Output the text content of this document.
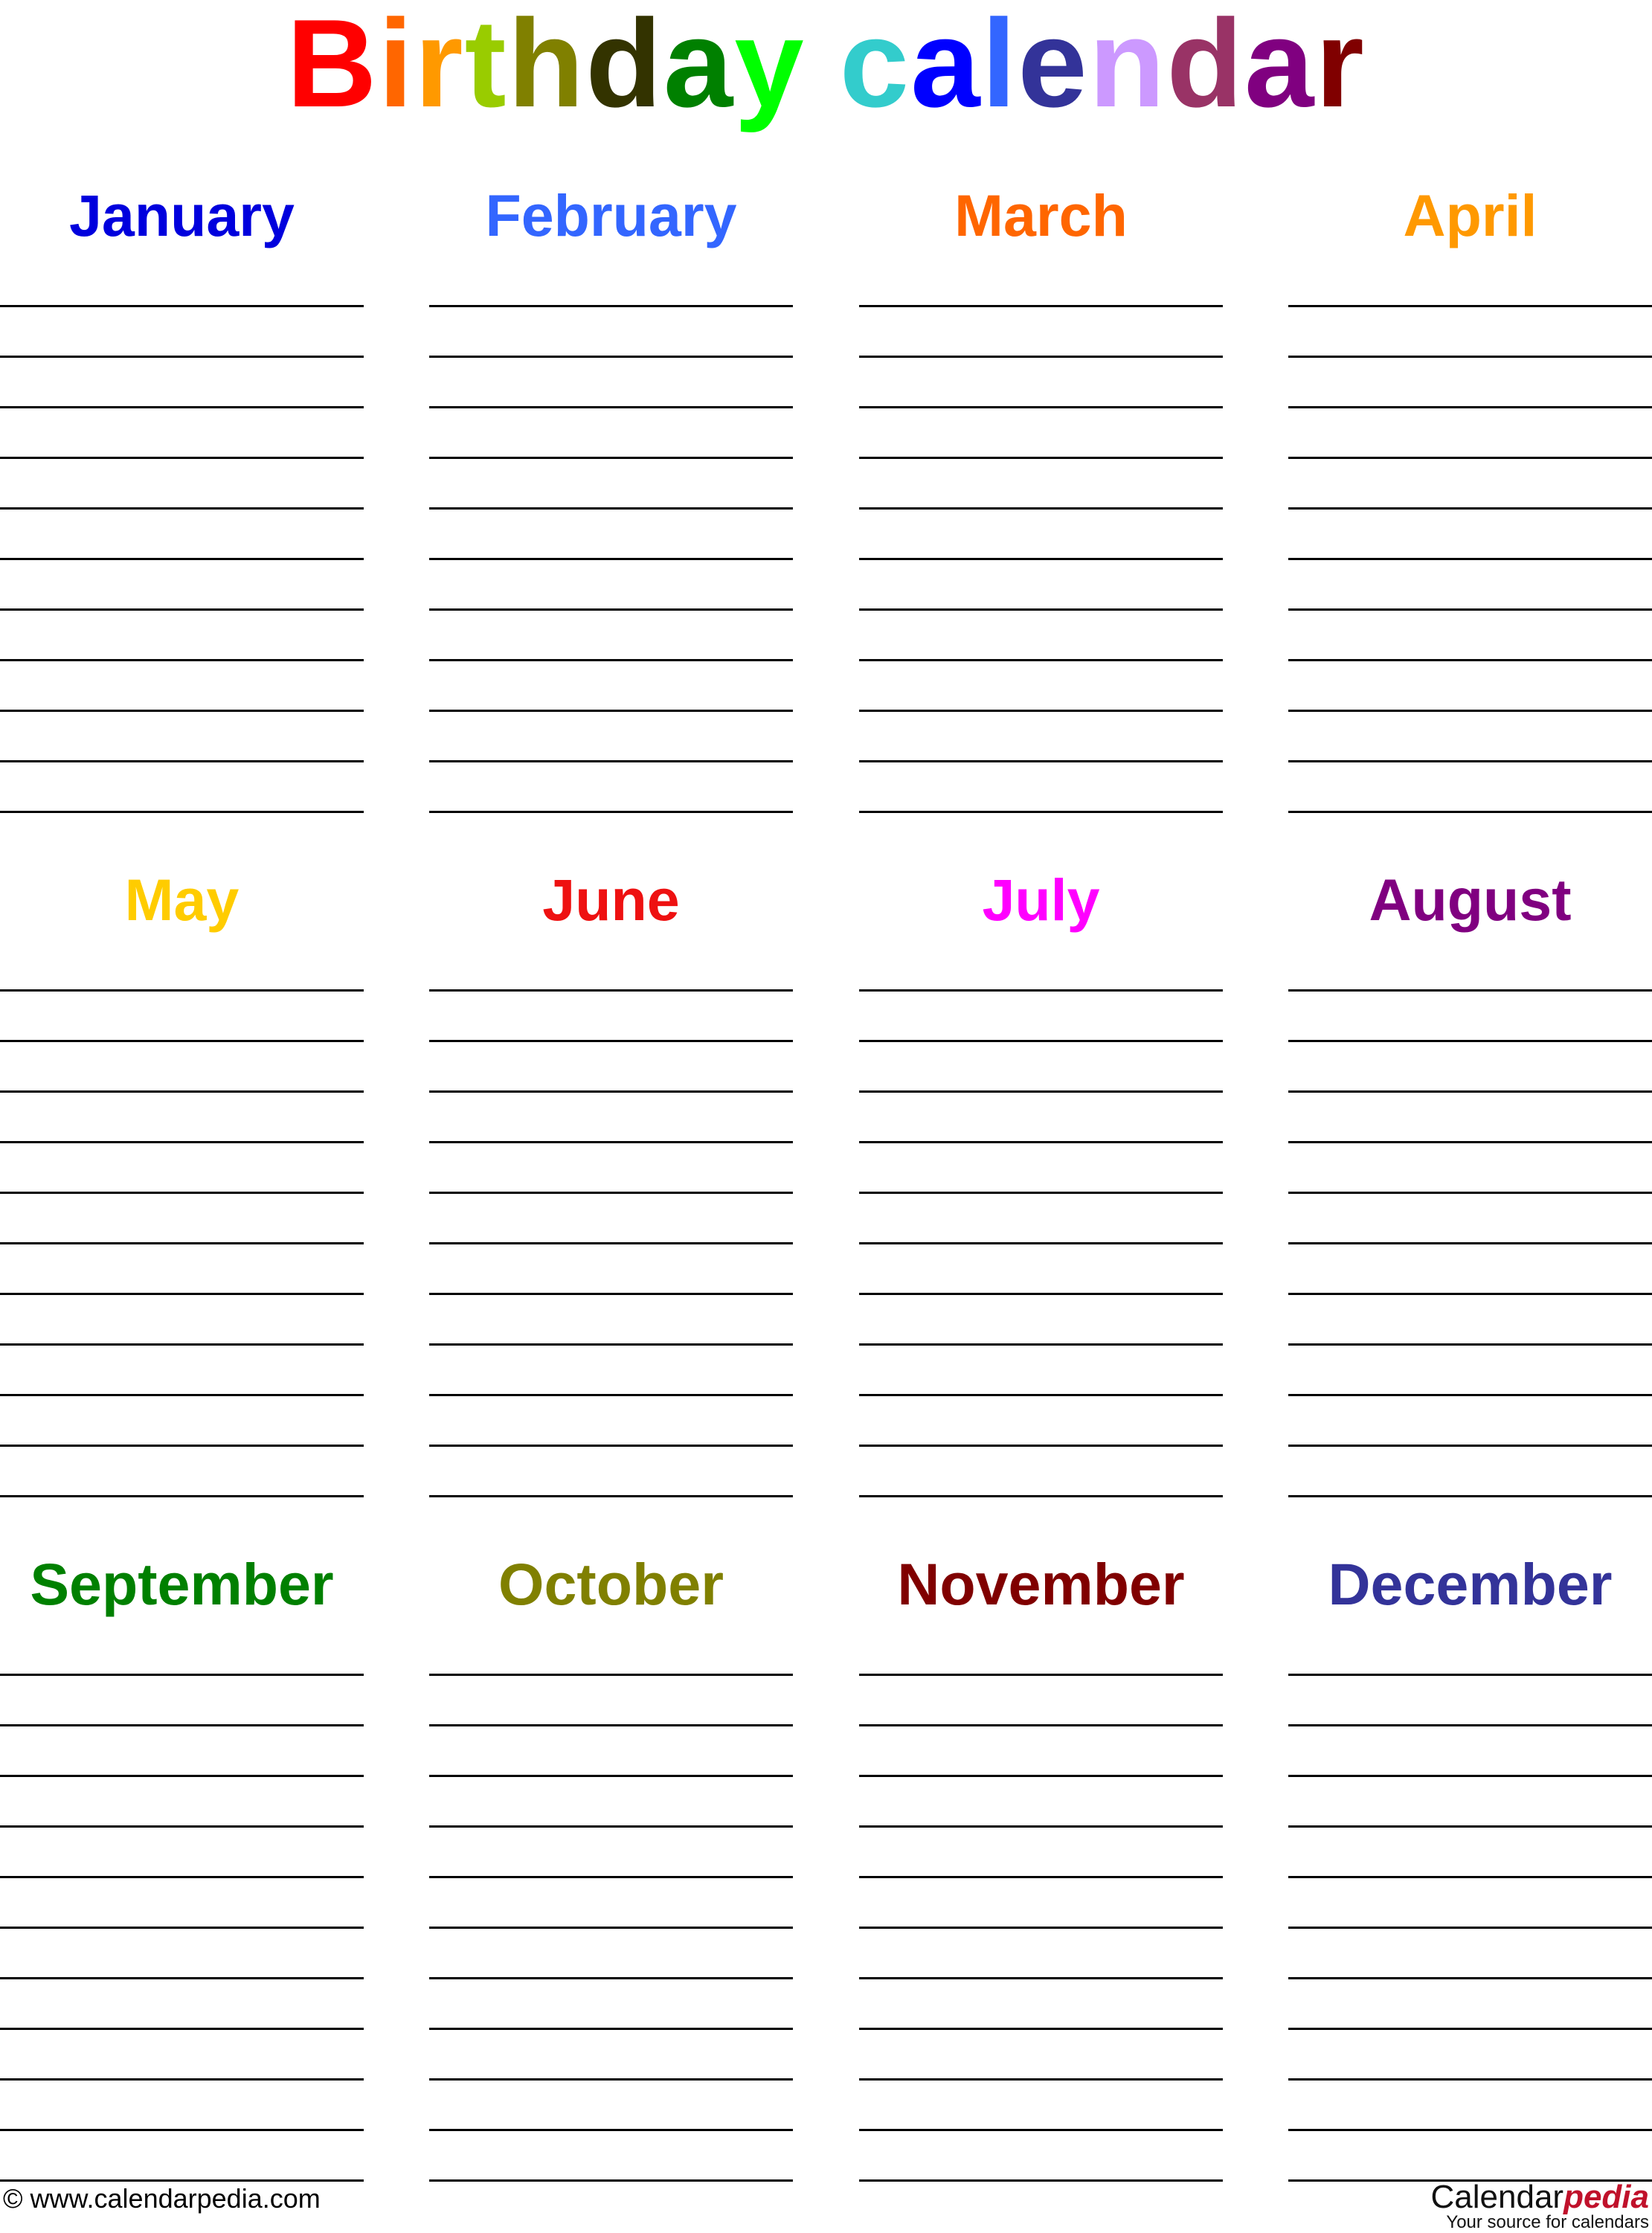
Birthday calendar
January	February	March	April
May	June	July	August
September	October	November	December
© www.calendarpedia.com	Calendarpedia
Your source for calendars
